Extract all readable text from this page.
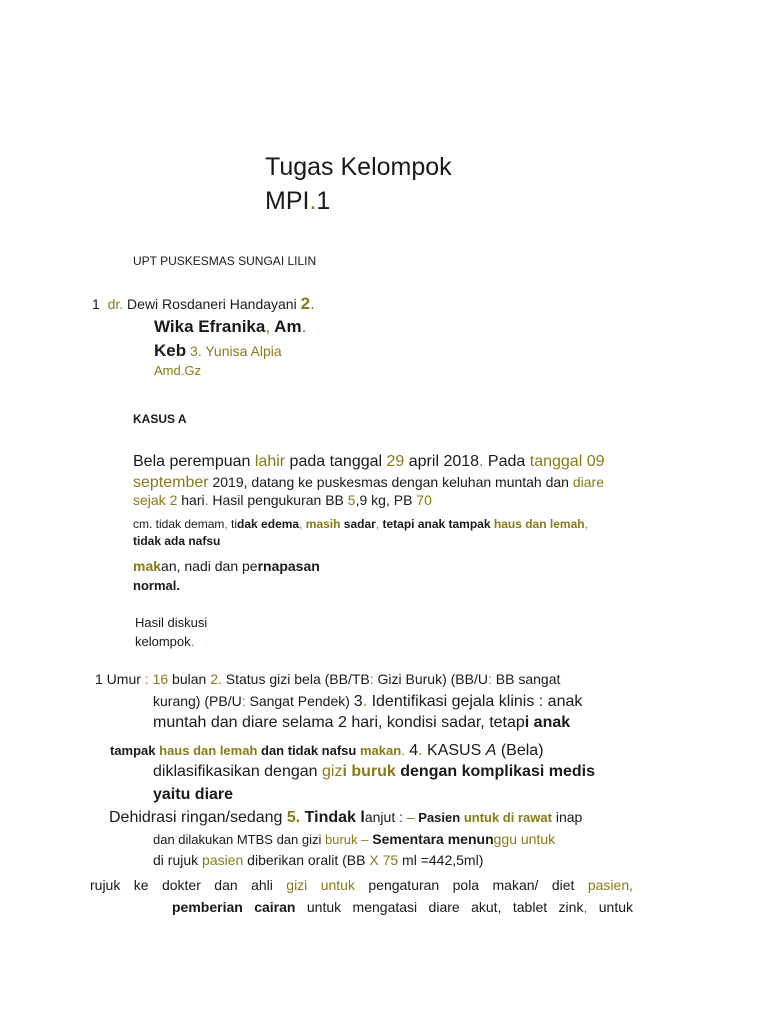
Tugas Kelompok
MPI.1
UPT PUSKESMAS SUNGAI LILIN
1 dr. Dewi Rosdaneri Handayani 2.
Wika Efranika, Am.
Keb 3. Yunisa Alpia
Amd.Gz
KASUS A
Bela perempuan lahir pada tanggal 29 april 2018. Pada tanggal 09
september 2019, datang ke puskesmas dengan keluhan muntah dan diare
sejak 2 hari. Hasil pengukuran BB 5,9 kg, PB 70
cm. tidak demam, tidak edema, masih sadar, tetapi anak tampak haus dan lemah,
tidak ada nafsu
makan, nadi dan pernapasan
normal.
Hasil diskusi
kelompok.
1 Umur : 16 bulan 2. Status gizi bela (BB/TB: Gizi Buruk) (BB/U: BB sangat
kurang) (PB/U: Sangat Pendek) 3. Identifikasi gejala klinis : anak
muntah dan diare selama 2 hari, kondisi sadar, tetapi anak
tampak haus dan lemah dan tidak nafsu makan. 4. KASUS A (Bela)
diklasifikasikan dengan gizi buruk dengan komplikasi medis
yaitu diare
Dehidrasi ringan/sedang 5. Tindak lanjut : – Pasien untuk di rawat inap
dan dilakukan MTBS dan gizi buruk – Sementara menunggu untuk
di rujuk pasien diberikan oralit (BB X 75 ml =442,5ml)
rujuk ke dokter dan ahli gizi untuk pengaturan pola makan/ diet pasien,
pemberian cairan untuk mengatasi diare akut, tablet zink, untuk
